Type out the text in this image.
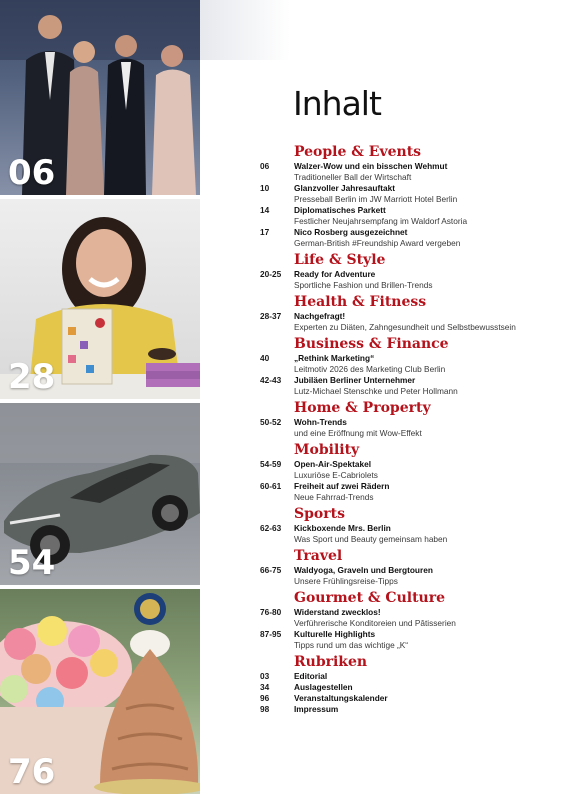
06
28
54
76
Inhalt
People & Events
06	Walzer-Wow und ein bisschen Wehmut
Traditioneller Ball der Wirtschaft
10	Glanzvoller Jahresauftakt
Presseball Berlin im JW Marriott Hotel Berlin
14	Diplomatisches Parkett
Festlicher Neujahrsempfang im Waldorf Astoria
17	Nico Rosberg ausgezeichnet
German-British #Freundship Award vergeben
Life & Style
20-25	Ready for Adventure
Sportliche Fashion und Brillen-Trends
Health & Fitness
28-37	Nachgefragt!
Experten zu Diäten, Zahngesundheit und Selbstbewusstsein
Business & Finance
40	„Rethink Marketing“
Leitmotiv 2026 des Marketing Club Berlin
42-43	Jubiläen Berliner Unternehmer
Lutz-Michael Stenschke und Peter Hollmann
Home & Property
50-52	Wohn-Trends
und eine Eröffnung mit Wow-Effekt
Mobility
54-59	Open-Air-Spektakel
Luxuriöse E-Cabriolets
60-61	Freiheit auf zwei Rädern
Neue Fahrrad-Trends
Sports
62-63	Kickboxende Mrs. Berlin
Was Sport und Beauty gemeinsam haben
Travel
66-75	Waldyoga, Graveln und Bergtouren
Unsere Frühlingsreise-Tipps
Gourmet & Culture
76-80	Widerstand zwecklos!
Verführerische Konditoreien und Pâtisserien
87-95	Kulturelle Highlights
Tipps rund um das wichtige „K“
Rubriken
03	Editorial
34	Auslagestellen
96	Veranstaltungskalender
98	Impressum
